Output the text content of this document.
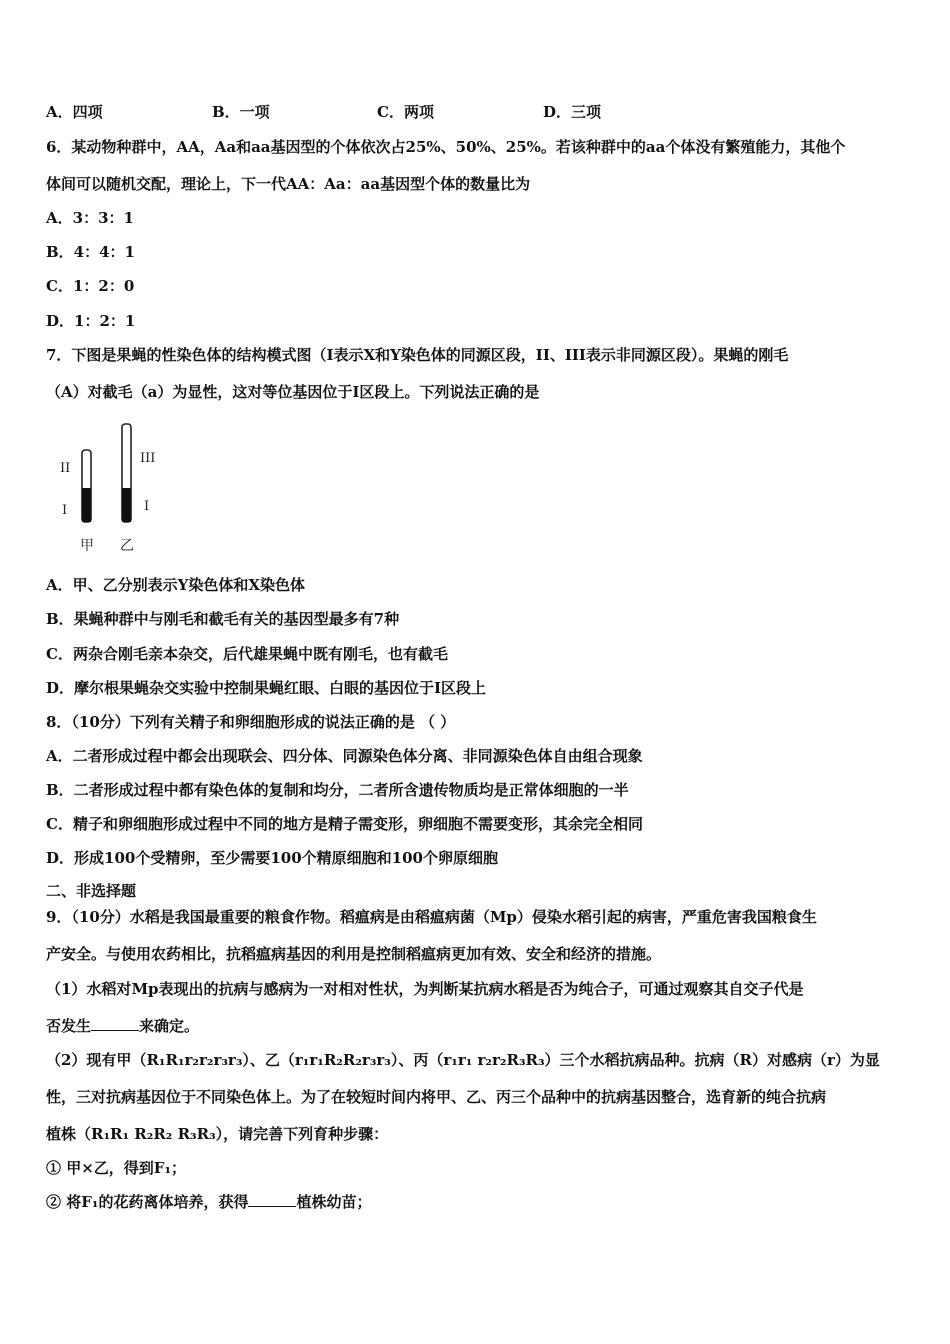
A．四项	B．一项	C．两项	D．三项
6．某动物种群中，AA，Aa和aa基因型的个体依次占25%、50%、25%。若该种群中的aa个体没有繁殖能力，其他个
体间可以随机交配，理论上，下一代AA：Aa：aa基因型个体的数量比为
A．3：3：1
B．4：4：1
C．1：2：0
D．1：2：1
7．下图是果蝇的性染色体的结构模式图（I表示X和Y染色体的同源区段，II、III表示非同源区段）。果蝇的刚毛
（A）对截毛（a）为显性，这对等位基因位于I区段上。下列说法正确的是
II
I
III
I
甲 乙
A．甲、乙分别表示Y染色体和X染色体
B．果蝇种群中与刚毛和截毛有关的基因型最多有7种
C．两杂合刚毛亲本杂交，后代雄果蝇中既有刚毛，也有截毛
D．摩尔根果蝇杂交实验中控制果蝇红眼、白眼的基因位于I区段上
8．（10分）下列有关精子和卵细胞形成的说法正确的是 （ ）
A．二者形成过程中都会出现联会、四分体、同源染色体分离、非同源染色体自由组合现象
B．二者形成过程中都有染色体的复制和均分，二者所含遗传物质均是正常体细胞的一半
C．精子和卵细胞形成过程中不同的地方是精子需变形，卵细胞不需要变形，其余完全相同
D．形成100个受精卵，至少需要100个精原细胞和100个卵原细胞
二、非选择题
9．（10分）水稻是我国最重要的粮食作物。稻瘟病是由稻瘟病菌（Mp）侵染水稻引起的病害，严重危害我国粮食生
产安全。与使用农药相比，抗稻瘟病基因的利用是控制稻瘟病更加有效、安全和经济的措施。
（1）水稻对Mp表现出的抗病与感病为一对相对性状，为判断某抗病水稻是否为纯合子，可通过观察其自交子代是
否发生	来确定。
（2）现有甲（R₁R₁r₂r₂r₃r₃）、乙（r₁r₁R₂R₂r₃r₃）、丙（r₁r₁ r₂r₂R₃R₃）三个水稻抗病品种。抗病（R）对感病（r）为显
性，三对抗病基因位于不同染色体上。为了在较短时间内将甲、乙、丙三个品种中的抗病基因整合，选育新的纯合抗病
植株（R₁R₁ R₂R₂ R₃R₃），请完善下列育种步骤：
① 甲×乙，得到F₁；
② 将F₁的花药离体培养，获得	植株幼苗；
